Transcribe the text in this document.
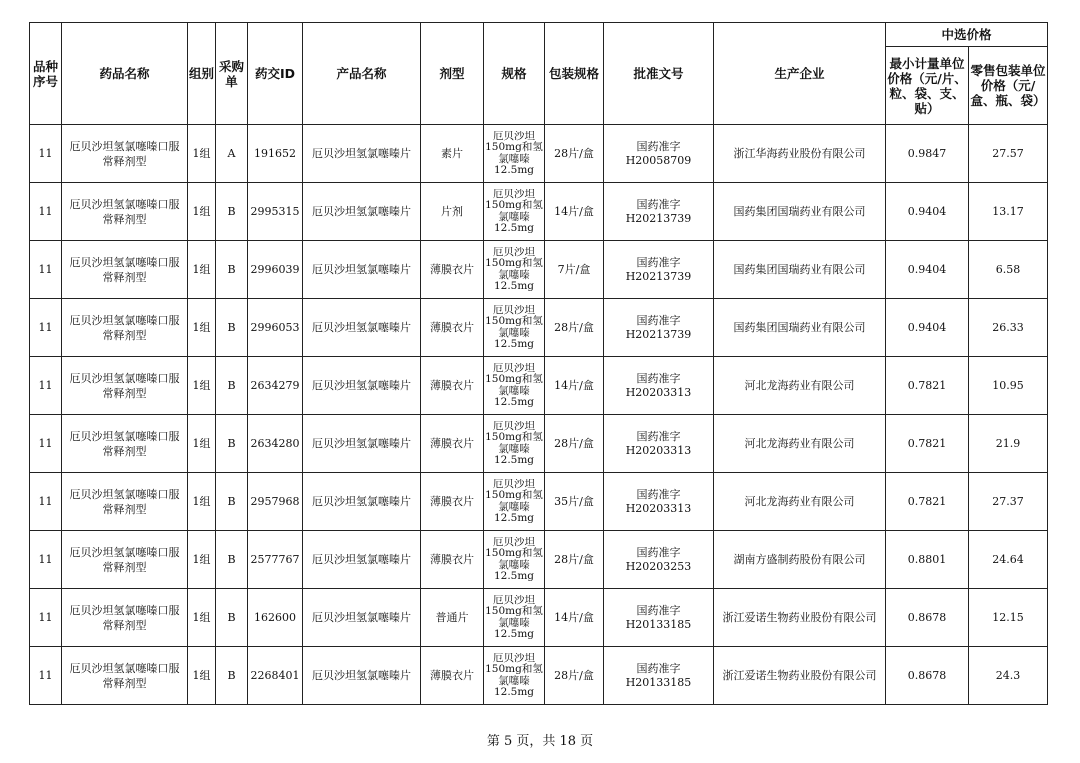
品种序号	药品名称	组别	采购单	药交ID	产品名称	剂型	规格	包装规格	批准文号	生产企业	中选价格	
											最小计量单位价格（元/片、粒、袋、支、贴）	零售包装单位价格（元/盒、瓶、袋）
11	厄贝沙坦氢氯噻嗪口服常释剂型	1组	A	191652	厄贝沙坦氢氯噻嗪片	素片	厄贝沙坦150mg和氢氯噻嗪12.5mg	28片/盒	国药准字H20058709	浙江华海药业股份有限公司	0.9847	27.57
11	厄贝沙坦氢氯噻嗪口服常释剂型	1组	B	2995315	厄贝沙坦氢氯噻嗪片	片剂	厄贝沙坦150mg和氢氯噻嗪12.5mg	14片/盒	国药准字H20213739	国药集团国瑞药业有限公司	0.9404	13.17
11	厄贝沙坦氢氯噻嗪口服常释剂型	1组	B	2996039	厄贝沙坦氢氯噻嗪片	薄膜衣片	厄贝沙坦150mg和氢氯噻嗪12.5mg	7片/盒	国药准字H20213739	国药集团国瑞药业有限公司	0.9404	6.58
11	厄贝沙坦氢氯噻嗪口服常释剂型	1组	B	2996053	厄贝沙坦氢氯噻嗪片	薄膜衣片	厄贝沙坦150mg和氢氯噻嗪12.5mg	28片/盒	国药准字H20213739	国药集团国瑞药业有限公司	0.9404	26.33
11	厄贝沙坦氢氯噻嗪口服常释剂型	1组	B	2634279	厄贝沙坦氢氯噻嗪片	薄膜衣片	厄贝沙坦150mg和氢氯噻嗪12.5mg	14片/盒	国药准字H20203313	河北龙海药业有限公司	0.7821	10.95
11	厄贝沙坦氢氯噻嗪口服常释剂型	1组	B	2634280	厄贝沙坦氢氯噻嗪片	薄膜衣片	厄贝沙坦150mg和氢氯噻嗪12.5mg	28片/盒	国药准字H20203313	河北龙海药业有限公司	0.7821	21.9
11	厄贝沙坦氢氯噻嗪口服常释剂型	1组	B	2957968	厄贝沙坦氢氯噻嗪片	薄膜衣片	厄贝沙坦150mg和氢氯噻嗪12.5mg	35片/盒	国药准字H20203313	河北龙海药业有限公司	0.7821	27.37
11	厄贝沙坦氢氯噻嗪口服常释剂型	1组	B	2577767	厄贝沙坦氢氯噻嗪片	薄膜衣片	厄贝沙坦150mg和氢氯噻嗪12.5mg	28片/盒	国药准字H20203253	湖南方盛制药股份有限公司	0.8801	24.64
11	厄贝沙坦氢氯噻嗪口服常释剂型	1组	B	162600	厄贝沙坦氢氯噻嗪片	普通片	厄贝沙坦150mg和氢氯噻嗪12.5mg	14片/盒	国药准字H20133185	浙江爱诺生物药业股份有限公司	0.8678	12.15
11	厄贝沙坦氢氯噻嗪口服常释剂型	1组	B	2268401	厄贝沙坦氢氯噻嗪片	薄膜衣片	厄贝沙坦150mg和氢氯噻嗪12.5mg	28片/盒	国药准字H20133185	浙江爱诺生物药业股份有限公司	0.8678	24.3
第 5 页，共 18 页
